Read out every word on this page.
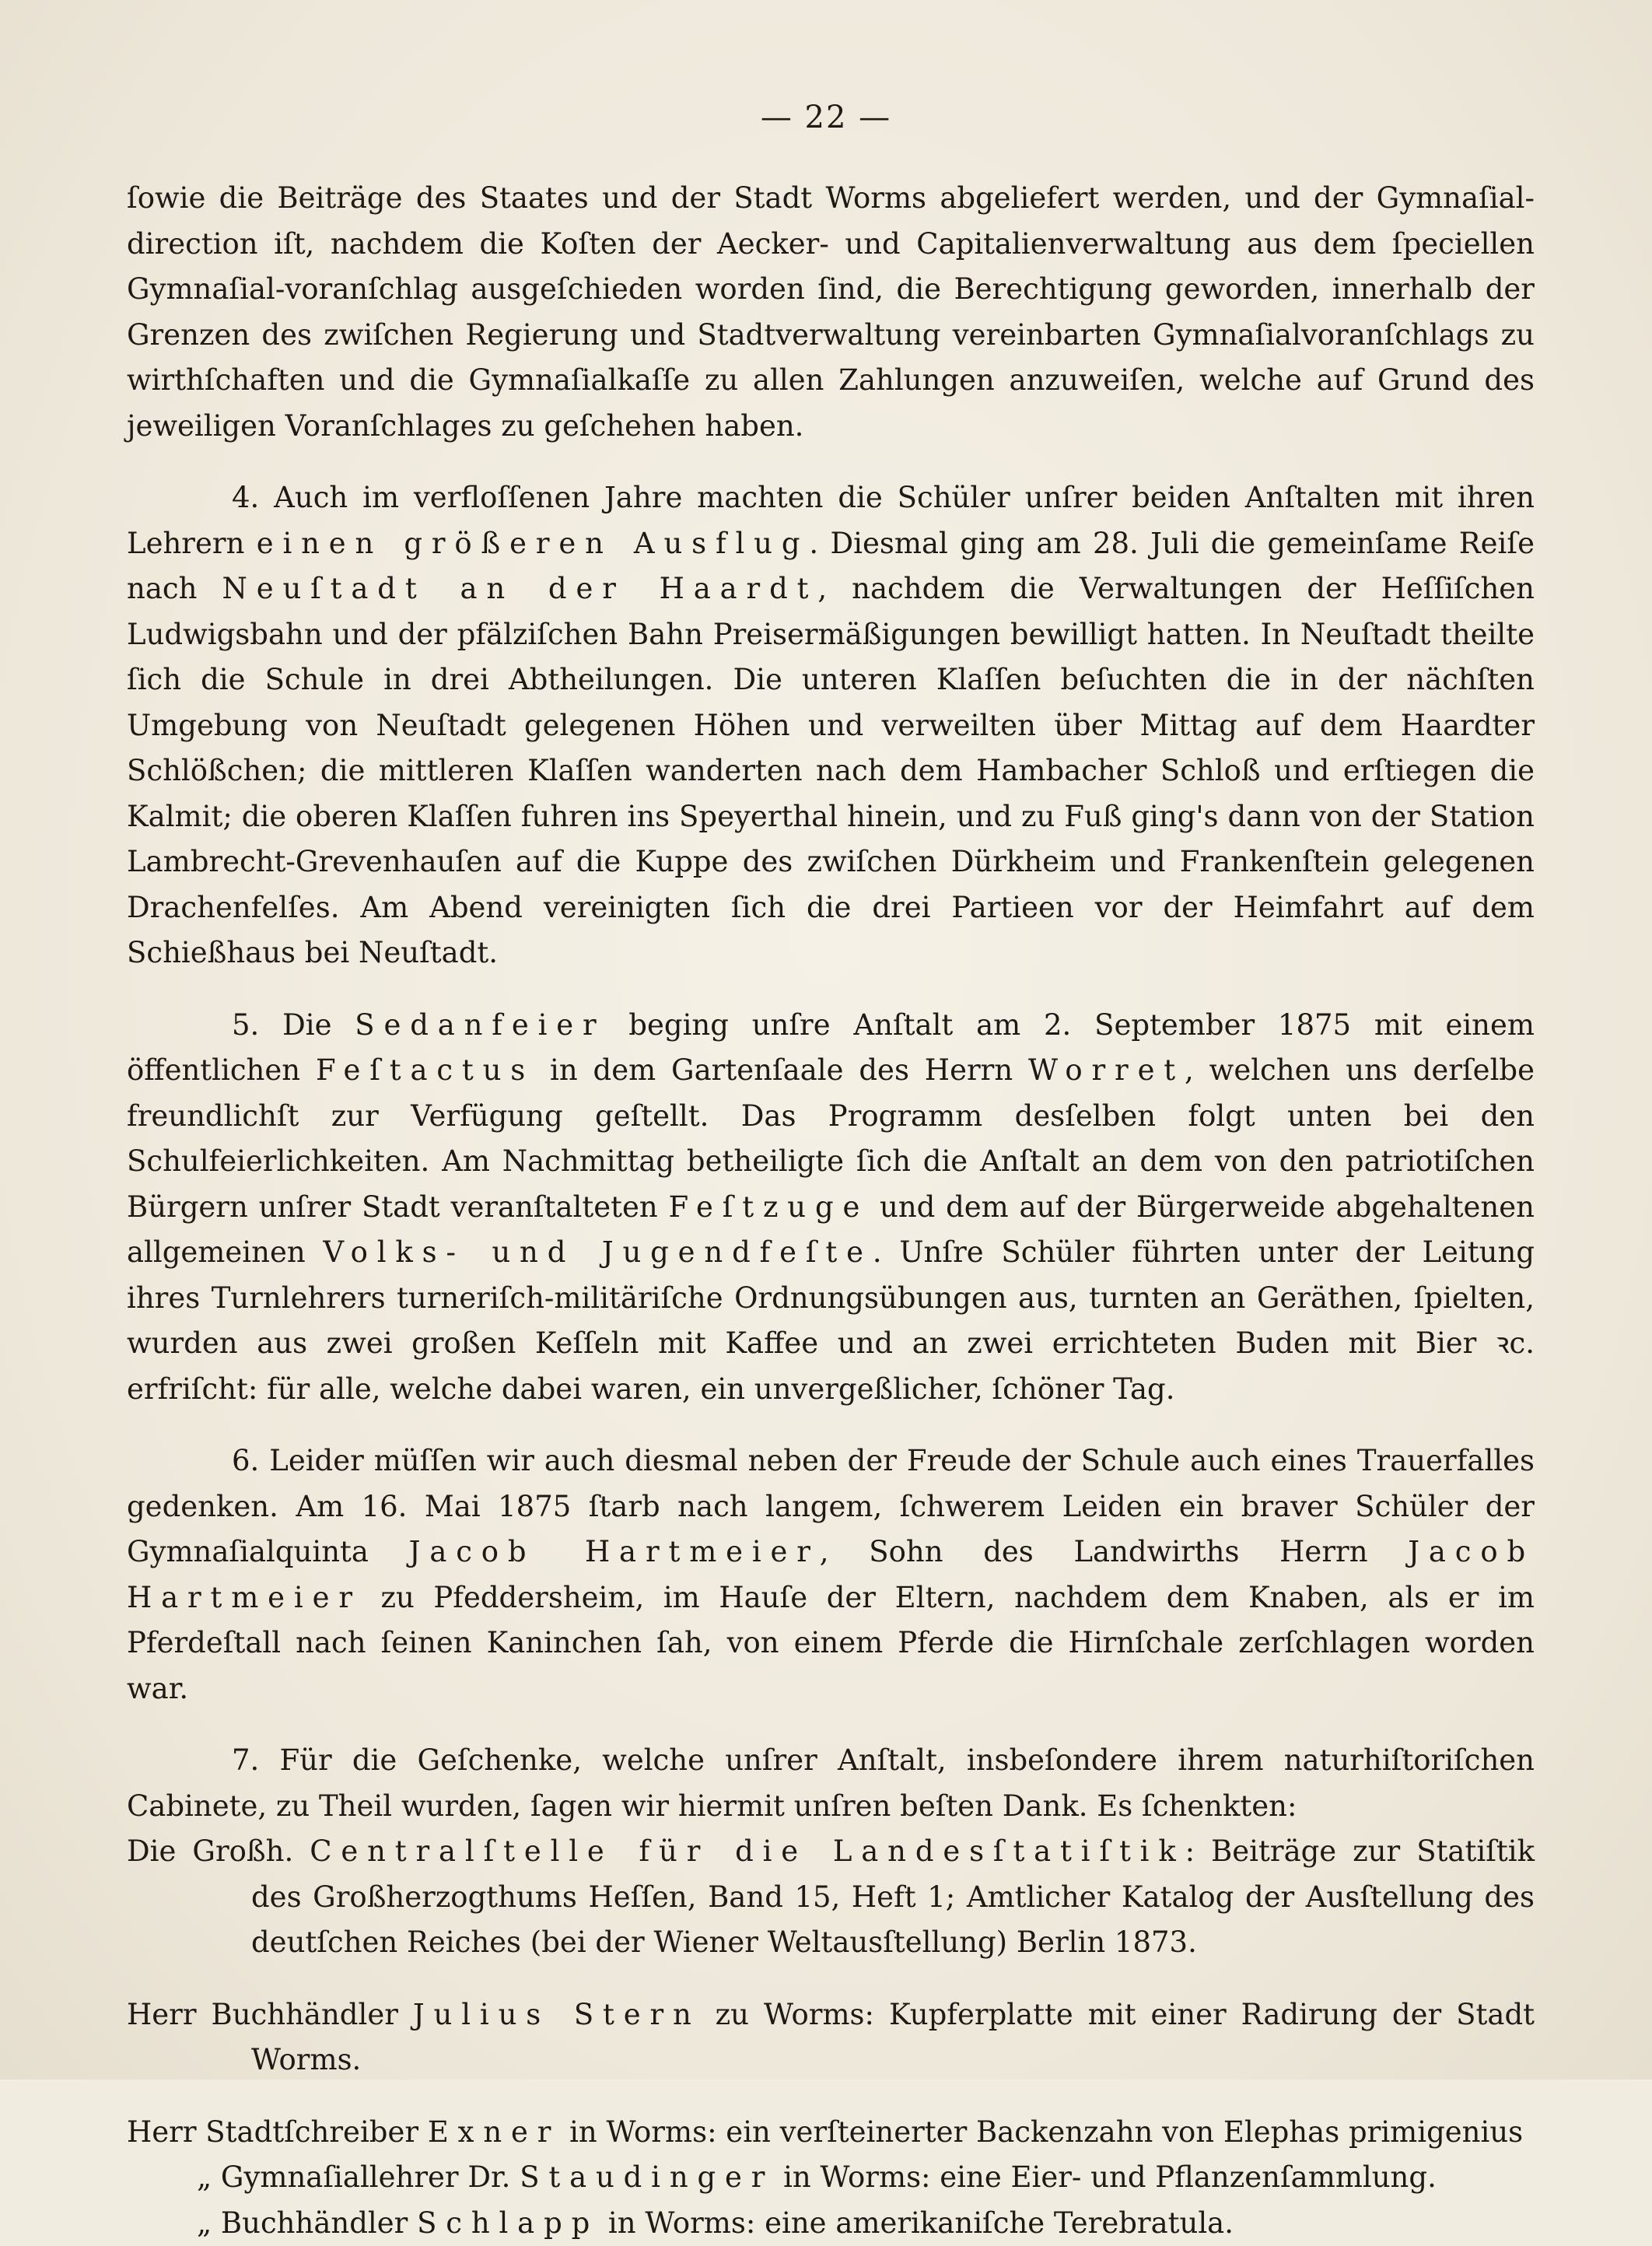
— 22 —

ſowie die Beiträge des Staates und der Stadt Worms abgeliefert werden, und der Gymnaſial-direction iſt, nachdem die Koſten der Aecker- und Capitalienverwaltung aus dem ſpeciellen Gymnaſial-voranſchlag ausgeſchieden worden ſind, die Berechtigung geworden, innerhalb der Grenzen des zwiſchen Regierung und Stadtverwaltung vereinbarten Gymnaſialvoranſchlags zu wirthſchaften und die Gymnaſialkaſſe zu allen Zahlungen anzuweiſen, welche auf Grund des jeweiligen Voranſchlages zu geſchehen haben.

4. Auch im verfloſſenen Jahre machten die Schüler unſrer beiden Anſtalten mit ihren Lehrern einen größeren Ausflug. Diesmal ging am 28. Juli die gemeinſame Reiſe nach Neuſtadt an der Haardt, nachdem die Verwaltungen der Heſſiſchen Ludwigsbahn und der pfälziſchen Bahn Preisermäßigungen bewilligt hatten. In Neuſtadt theilte ſich die Schule in drei Abtheilungen. Die unteren Klaſſen beſuchten die in der nächſten Umgebung von Neuſtadt gelegenen Höhen und verweilten über Mittag auf dem Haardter Schlößchen; die mittleren Klaſſen wanderten nach dem Hambacher Schloß und erſtiegen die Kalmit; die oberen Klaſſen fuhren ins Speyerthal hinein, und zu Fuß ging's dann von der Station Lambrecht-Grevenhauſen auf die Kuppe des zwiſchen Dürkheim und Frankenſtein gelegenen Drachenfelſes. Am Abend vereinigten ſich die drei Partieen vor der Heimfahrt auf dem Schießhaus bei Neuſtadt.

5. Die Sedanfeier beging unſre Anſtalt am 2. September 1875 mit einem öffentlichen Feſtactus in dem Gartenſaale des Herrn Worret, welchen uns derſelbe freundlichſt zur Verfügung geſtellt. Das Programm desſelben folgt unten bei den Schulfeierlichkeiten. Am Nachmittag betheiligte ſich die Anſtalt an dem von den patriotiſchen Bürgern unſrer Stadt veranſtalteten Feſtzuge und dem auf der Bürgerweide abgehaltenen allgemeinen Volks- und Jugendfeſte. Unſre Schüler führten unter der Leitung ihres Turnlehrers turneriſch-militäriſche Ordnungsübungen aus, turnten an Geräthen, ſpielten, wurden aus zwei großen Keſſeln mit Kaffee und an zwei errichteten Buden mit Bier ꝛc. erfriſcht: für alle, welche dabei waren, ein unvergeßlicher, ſchöner Tag.

6. Leider müſſen wir auch diesmal neben der Freude der Schule auch eines Trauerfalles gedenken. Am 16. Mai 1875 ſtarb nach langem, ſchwerem Leiden ein braver Schüler der Gymnaſialquinta Jacob Hartmeier, Sohn des Landwirths Herrn Jacob Hartmeier zu Pfeddersheim, im Hauſe der Eltern, nachdem dem Knaben, als er im Pferdeſtall nach ſeinen Kaninchen ſah, von einem Pferde die Hirnſchale zerſchlagen worden war.

7. Für die Geſchenke, welche unſrer Anſtalt, insbeſondere ihrem naturhiſtoriſchen Cabinete, zu Theil wurden, ſagen wir hiermit unſren beſten Dank. Es ſchenkten:

Die Großh. Centralſtelle für die Landesſtatiſtik: Beiträge zur Statiſtik des Großherzogthums Heſſen, Band 15, Heft 1; Amtlicher Katalog der Ausſtellung des deutſchen Reiches (bei der Wiener Weltausſtellung) Berlin 1873.

Herr Buchhändler Julius Stern zu Worms: Kupferplatte mit einer Radirung der Stadt Worms.

Herr Stadtſchreiber Exner in Worms: ein verſteinerter Backenzahn von Elephas primigenius

„ Gymnaſiallehrer Dr. Staudinger in Worms: eine Eier- und Pflanzenſammlung.

„ Buchhändler Schlapp in Worms: eine amerikaniſche Terebratula.
